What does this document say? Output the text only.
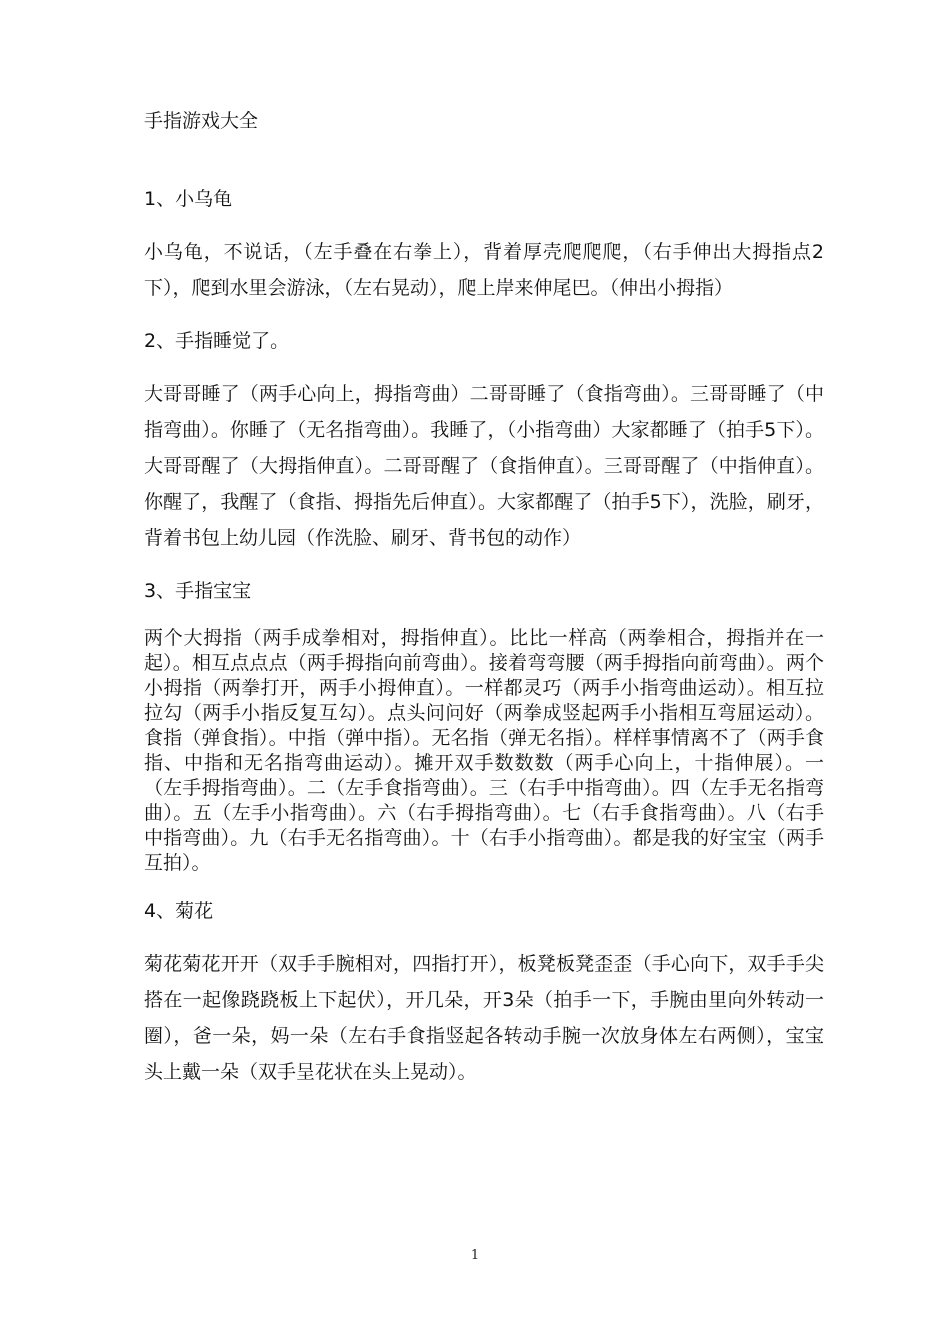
手指游戏大全
1、小乌龟

小乌龟，不说话，（左手叠在右拳上），背着厚壳爬爬爬，（右手伸出大拇指点2下），爬到水里会游泳，（左右晃动），爬上岸来伸尾巴。（伸出小拇指）

2、手指睡觉了。

大哥哥睡了（两手心向上，拇指弯曲）二哥哥睡了（食指弯曲）。三哥哥睡了（中指弯曲）。你睡了（无名指弯曲）。我睡了，（小指弯曲）大家都睡了（拍手5下）。大哥哥醒了（大拇指伸直）。二哥哥醒了（食指伸直）。三哥哥醒了（中指伸直）。你醒了，我醒了（食指、拇指先后伸直）。大家都醒了（拍手5下），洗脸，刷牙，背着书包上幼儿园（作洗脸、刷牙、背书包的动作）

3、手指宝宝

两个大拇指（两手成拳相对，拇指伸直）。比比一样高（两拳相合，拇指并在一起）。相互点点点（两手拇指向前弯曲）。接着弯弯腰（两手拇指向前弯曲）。两个小拇指（两拳打开，两手小拇伸直）。一样都灵巧（两手小指弯曲运动）。相互拉拉勾（两手小指反复互勾）。点头问问好（两拳成竖起两手小指相互弯屈运动）。食指（弹食指）。中指（弹中指）。无名指（弹无名指）。样样事情离不了（两手食指、中指和无名指弯曲运动）。摊开双手数数数（两手心向上，十指伸展）。一（左手拇指弯曲）。二（左手食指弯曲）。三（右手中指弯曲）。四（左手无名指弯曲）。五（左手小指弯曲）。六（右手拇指弯曲）。七（右手食指弯曲）。八（右手中指弯曲）。九（右手无名指弯曲）。十（右手小指弯曲）。都是我的好宝宝（两手互拍）。

4、菊花

菊花菊花开开（双手手腕相对，四指打开），板凳板凳歪歪（手心向下，双手手尖搭在一起像跷跷板上下起伏），开几朵，开3朵（拍手一下，手腕由里向外转动一圈），爸一朵，妈一朵（左右手食指竖起各转动手腕一次放身体左右两侧），宝宝头上戴一朵（双手呈花状在头上晃动）。

1
